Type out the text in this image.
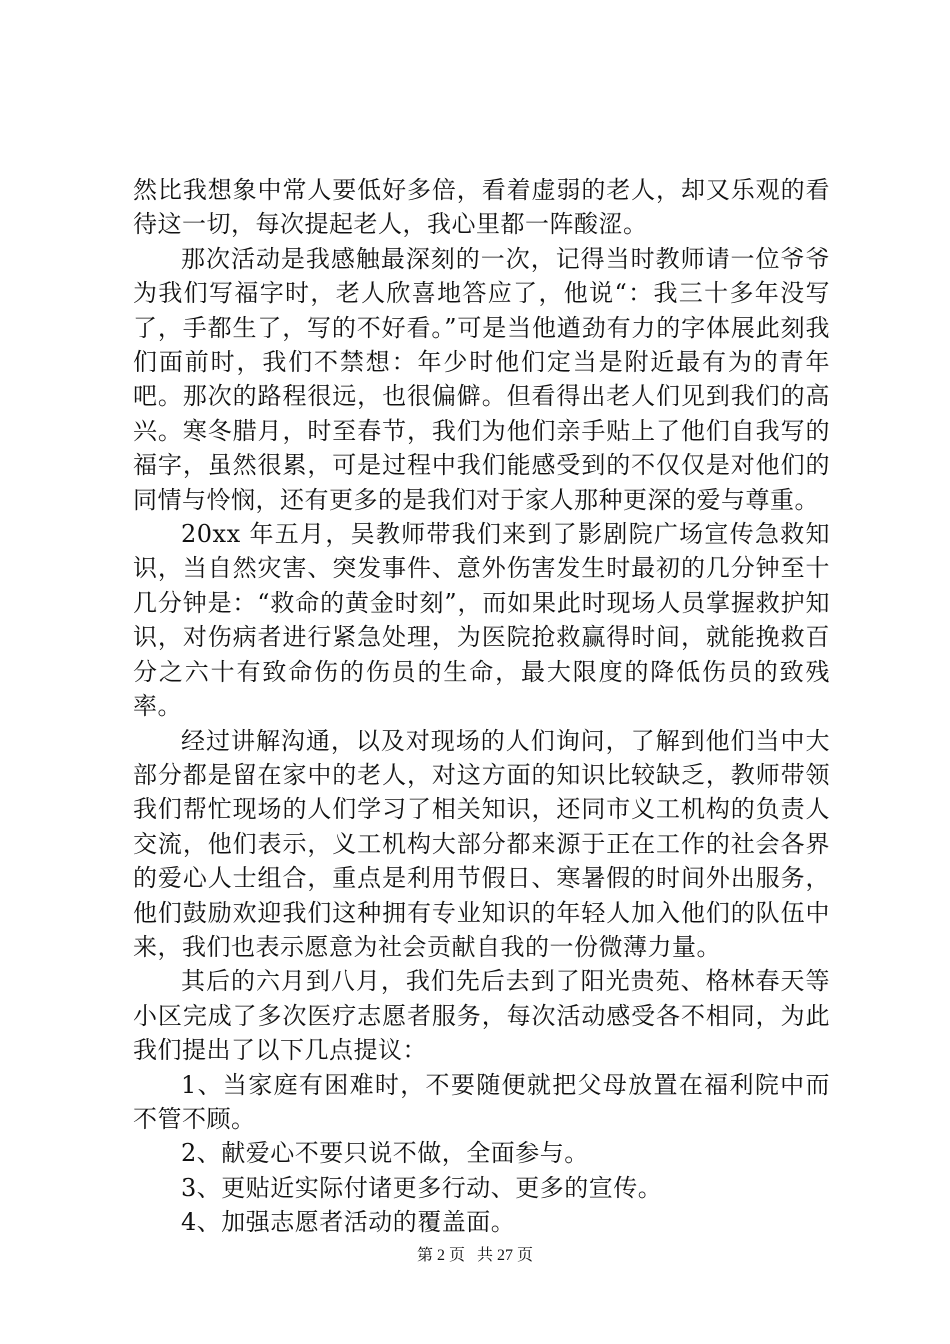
然比我想象中常人要低好多倍，看着虚弱的老人，却又乐观的看待这一切，每次提起老人，我心里都一阵酸涩。

那次活动是我感触最深刻的一次，记得当时教师请一位爷爷为我们写福字时，老人欣喜地答应了，他说“：我三十多年没写了，手都生了，写的不好看。”可是当他遒劲有力的字体展此刻我们面前时，我们不禁想：年少时他们定当是附近最有为的青年吧。那次的路程很远，也很偏僻。但看得出老人们见到我们的高兴。寒冬腊月，时至春节，我们为他们亲手贴上了他们自我写的福字，虽然很累，可是过程中我们能感受到的不仅仅是对他们的同情与怜悯，还有更多的是我们对于家人那种更深的爱与尊重。

20xx 年五月，吴教师带我们来到了影剧院广场宣传急救知识，当自然灾害、突发事件、意外伤害发生时最初的几分钟至十几分钟是：“救命的黄金时刻”，而如果此时现场人员掌握救护知识，对伤病者进行紧急处理，为医院抢救赢得时间，就能挽救百分之六十有致命伤的伤员的生命，最大限度的降低伤员的致残率。

经过讲解沟通，以及对现场的人们询问，了解到他们当中大部分都是留在家中的老人，对这方面的知识比较缺乏，教师带领我们帮忙现场的人们学习了相关知识，还同市义工机构的负责人交流，他们表示，义工机构大部分都来源于正在工作的社会各界的爱心人士组合，重点是利用节假日、寒暑假的时间外出服务，他们鼓励欢迎我们这种拥有专业知识的年轻人加入他们的队伍中来，我们也表示愿意为社会贡献自我的一份微薄力量。

其后的六月到八月，我们先后去到了阳光贵苑、格林春天等小区完成了多次医疗志愿者服务，每次活动感受各不相同，为此我们提出了以下几点提议：

1、当家庭有困难时，不要随便就把父母放置在福利院中而不管不顾。

2、献爱心不要只说不做，全面参与。

3、更贴近实际付诸更多行动、更多的宣传。

4、加强志愿者活动的覆盖面。

第 2 页 共 27 页
